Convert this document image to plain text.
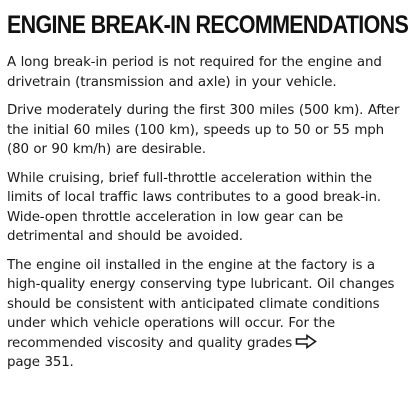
ENGINE BREAK-IN RECOMMENDATIONS

A long break-in period is not required for the engine and drivetrain (transmission and axle) in your vehicle.

Drive moderately during the first 300 miles (500 km). After the initial 60 miles (100 km), speeds up to 50 or 55 mph (80 or 90 km/h) are desirable.

While cruising, brief full-throttle acceleration within the limits of local traffic laws contributes to a good break-in. Wide-open throttle acceleration in low gear can be detrimental and should be avoided.

The engine oil installed in the engine at the factory is a high-quality energy conserving type lubricant. Oil changes should be consistent with anticipated climate conditions under which vehicle operations will occur. For the recommended viscosity and quality grades
page 351.
